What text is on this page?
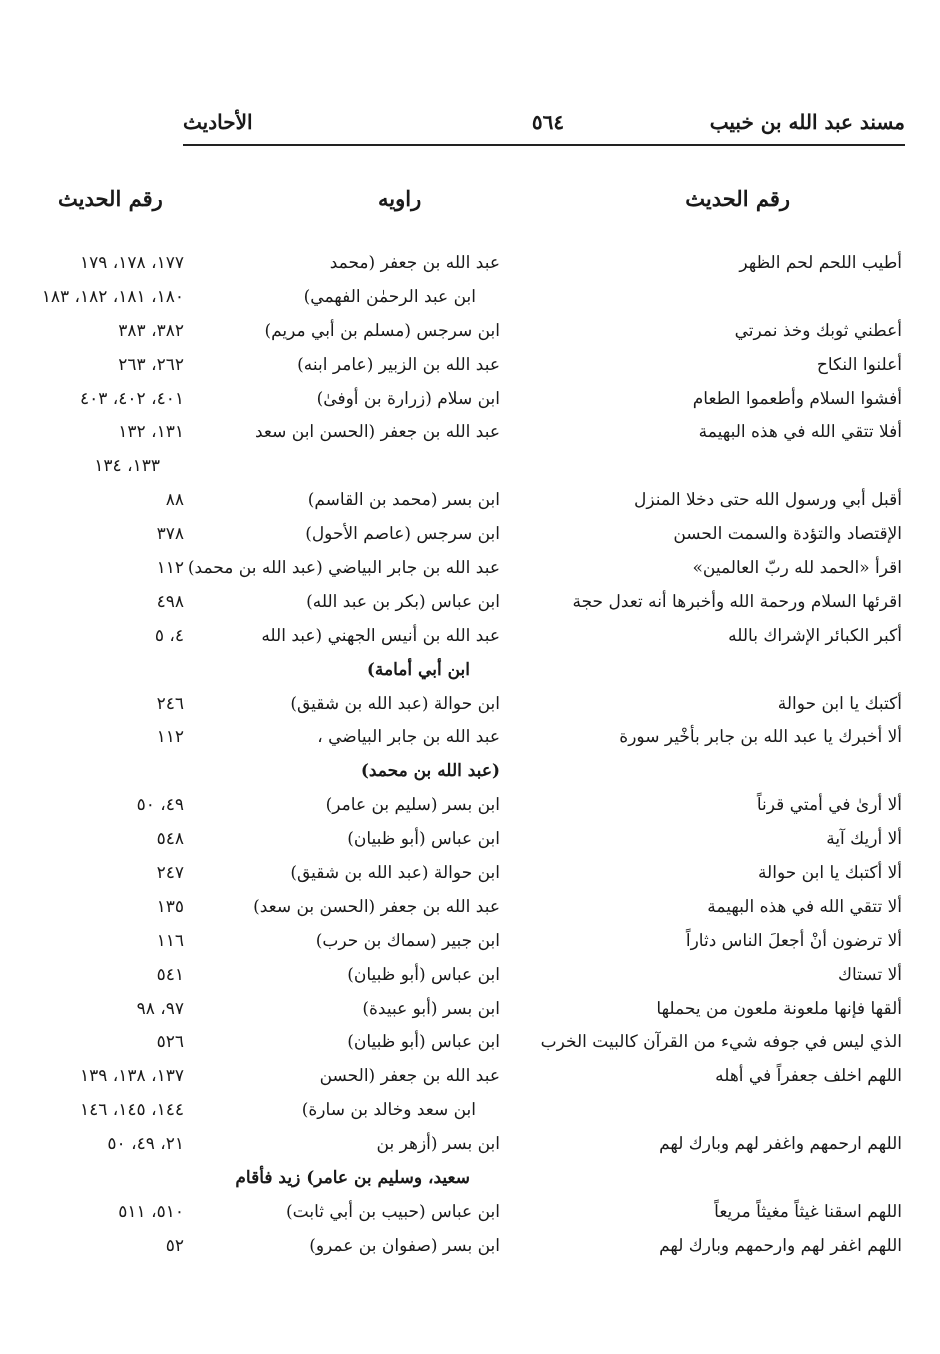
مسند عبد الله بن خبيب
٥٦٤
الأحاديث
رقم الحديث
راويه
رقم الحديث
أطيب اللحم لحم الظهر
عبد الله بن جعفر (محمد
١٧٧، ١٧٨، ١٧٩
ابن عبد الرحمٰن الفهمي)
١٨٠، ١٨١، ١٨٢، ١٨٣
أعطني ثوبك وخذ نمرتي
ابن سرجس (مسلم بن أبي مريم)
٣٨٢، ٣٨٣
أعلنوا النكاح
عبد الله بن الزبير (عامر ابنه)
٢٦٢، ٢٦٣
أفشوا السلام وأطعموا الطعام
ابن سلام (زرارة بن أوفىٰ)
٤٠١، ٤٠٢، ٤٠٣
أفلا تتقي الله في هذه البهيمة
عبد الله بن جعفر (الحسن ابن سعد
١٣١، ١٣٢
١٣٣، ١٣٤
أقبل أبي ورسول الله حتى دخلا المنزل
ابن بسر (محمد بن القاسم)
٨٨
الإقتصاد والتؤدة والسمت الحسن
ابن سرجس (عاصم الأحول)
٣٧٨
اقرأ «الحمد لله ربّ العالمين»
عبد الله بن جابر البياضي (عبد الله بن محمد)
١١٢
اقرئها السلام ورحمة الله وأخبرها أنه تعدل حجة
ابن عباس (بكر بن عبد الله)
٤٩٨
أكبر الكبائر الإشراك بالله
عبد الله بن أنيس الجهني (عبد الله
٤، ٥
ابن أبي أمامة)
أكتبك يا ابن حوالة
ابن حوالة (عبد الله بن شقيق)
٢٤٦
ألا أخبرك يا عبد الله بن جابر بأخْير سورة
عبد الله بن جابر البياضي ،
١١٢
(عبد الله بن محمد)
ألا أرىٰ في أمتي قرناً
ابن بسر (سليم بن عامر)
٤٩، ٥٠
ألا أريك آية
ابن عباس (أبو ظبيان)
٥٤٨
ألا أكتبك يا ابن حوالة
ابن حوالة (عبد الله بن شقيق)
٢٤٧
ألا تتقي الله في هذه البهيمة
عبد الله بن جعفر (الحسن بن سعد)
١٣٥
ألا ترضون أنْ أجعلَ الناس دثاراً
ابن جبير (سماك بن حرب)
١١٦
ألا تستاك
ابن عباس (أبو ظبيان)
٥٤١
ألقها فإنها ملعونة ملعون من يحملها
ابن بسر (أبو عبيدة)
٩٧، ٩٨
الذي ليس في جوفه شيء من القرآن كالبيت الخرب
ابن عباس (أبو ظبيان)
٥٢٦
اللهم اخلف جعفراً في أهله
عبد الله بن جعفر (الحسن
١٣٧، ١٣٨، ١٣٩
ابن سعد وخالد بن سارة)
١٤٤، ١٤٥، ١٤٦
اللهم ارحمهم واغفر لهم وبارك لهم
ابن بسر (أزهر بن
٢١، ٤٩، ٥٠
سعيد، وسليم بن عامر) زيد فأقام
اللهم اسقنا غيثاً مغيثاً مريعاً
ابن عباس (حبيب بن أبي ثابت)
٥١٠، ٥١١
اللهم اغفر لهم وارحمهم وبارك لهم
ابن بسر (صفوان بن عمرو)
٥٢
